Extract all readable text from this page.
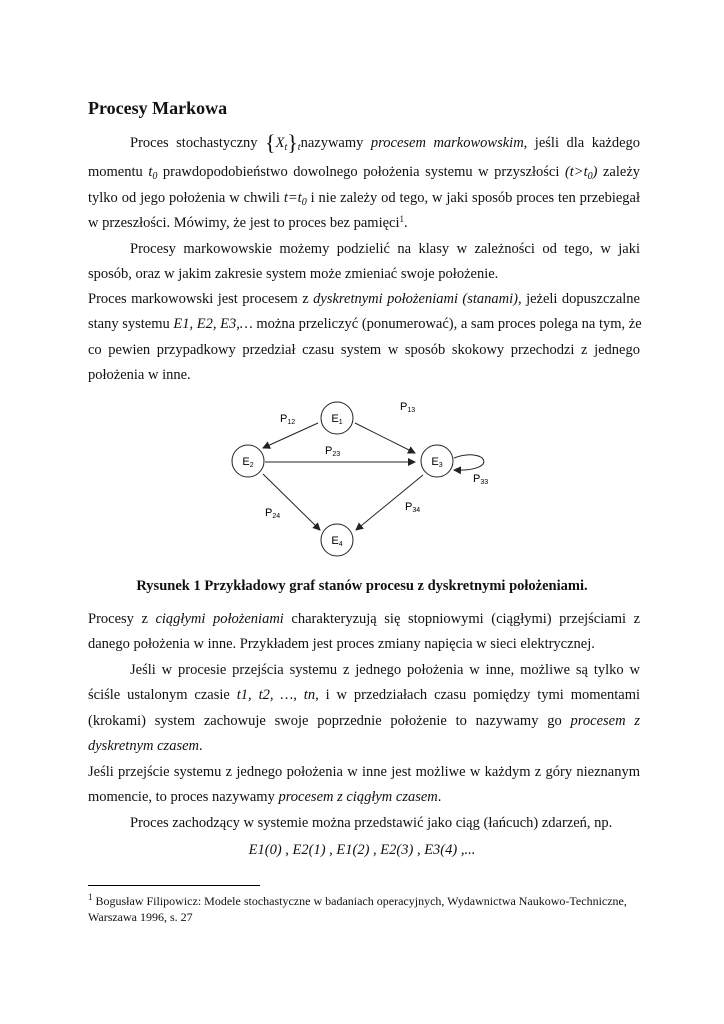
Procesy Markowa
Proces stochastyczny $\{X_t\}_tnazywamy$ procesem markowowskim, jeśli dla każdego
momentu $t_0$ prawdopodobieństwo dowolnego położenia systemu w przyszłości $(t>t_0)$ zależy
tylko od jego położenia w chwili $t=t_0$ i nie zależy od tego, w jaki sposób proces ten przebiegał
w przeszłości. Mówimy, że jest to proces bez pamięci$^1$.
Procesy markowowskie możemy podzielić na klasy w zależności od tego, w jaki
sposób, oraz w jakim zakresie system może zmieniać swoje położenie.
Proces markowowski jest procesem z dyskretnymi położeniami (stanami), jeżeli dopuszczalne
stany systemu E1, E2, E3,… można przeliczyć (ponumerować), a sam proces polega na tym, że
co pewien przypadkowy przedział czasu system w sposób skokowy przechodzi z jednego
położenia w inne.
E1
E2	E3
E4
P12
P13
P23
P33
P24
P34
Rysunek 1 Przykładowy graf stanów procesu z dyskretnymi położeniami.
Procesy z ciągłymi położeniami charakteryzują się stopniowymi (ciągłymi) przejściami z
danego położenia w inne. Przykładem jest proces zmiany napięcia w sieci elektrycznej.
Jeśli w procesie przejścia systemu z jednego położenia w inne, możliwe są tylko w
ściśle ustalonym czasie t1, t2, …, tn, i w przedziałach czasu pomiędzy tymi momentami
(krokami) system zachowuje swoje poprzednie położenie to nazywamy go procesem z
dyskretnym czasem.
Jeśli przejście systemu z jednego położenia w inne jest możliwe w każdym z góry nieznanym
momencie, to proces nazywamy procesem z ciągłym czasem.
Proces zachodzący w systemie można przedstawić jako ciąg (łańcuch) zdarzeń, np.
E1(0) , E2(1) , E1(2) , E2(3) , E3(4) ,...
$^1$ Bogusław Filipowicz: Modele stochastyczne w badaniach operacyjnych, Wydawnictwa Naukowo-Techniczne,
Warszawa 1996, s. 27
